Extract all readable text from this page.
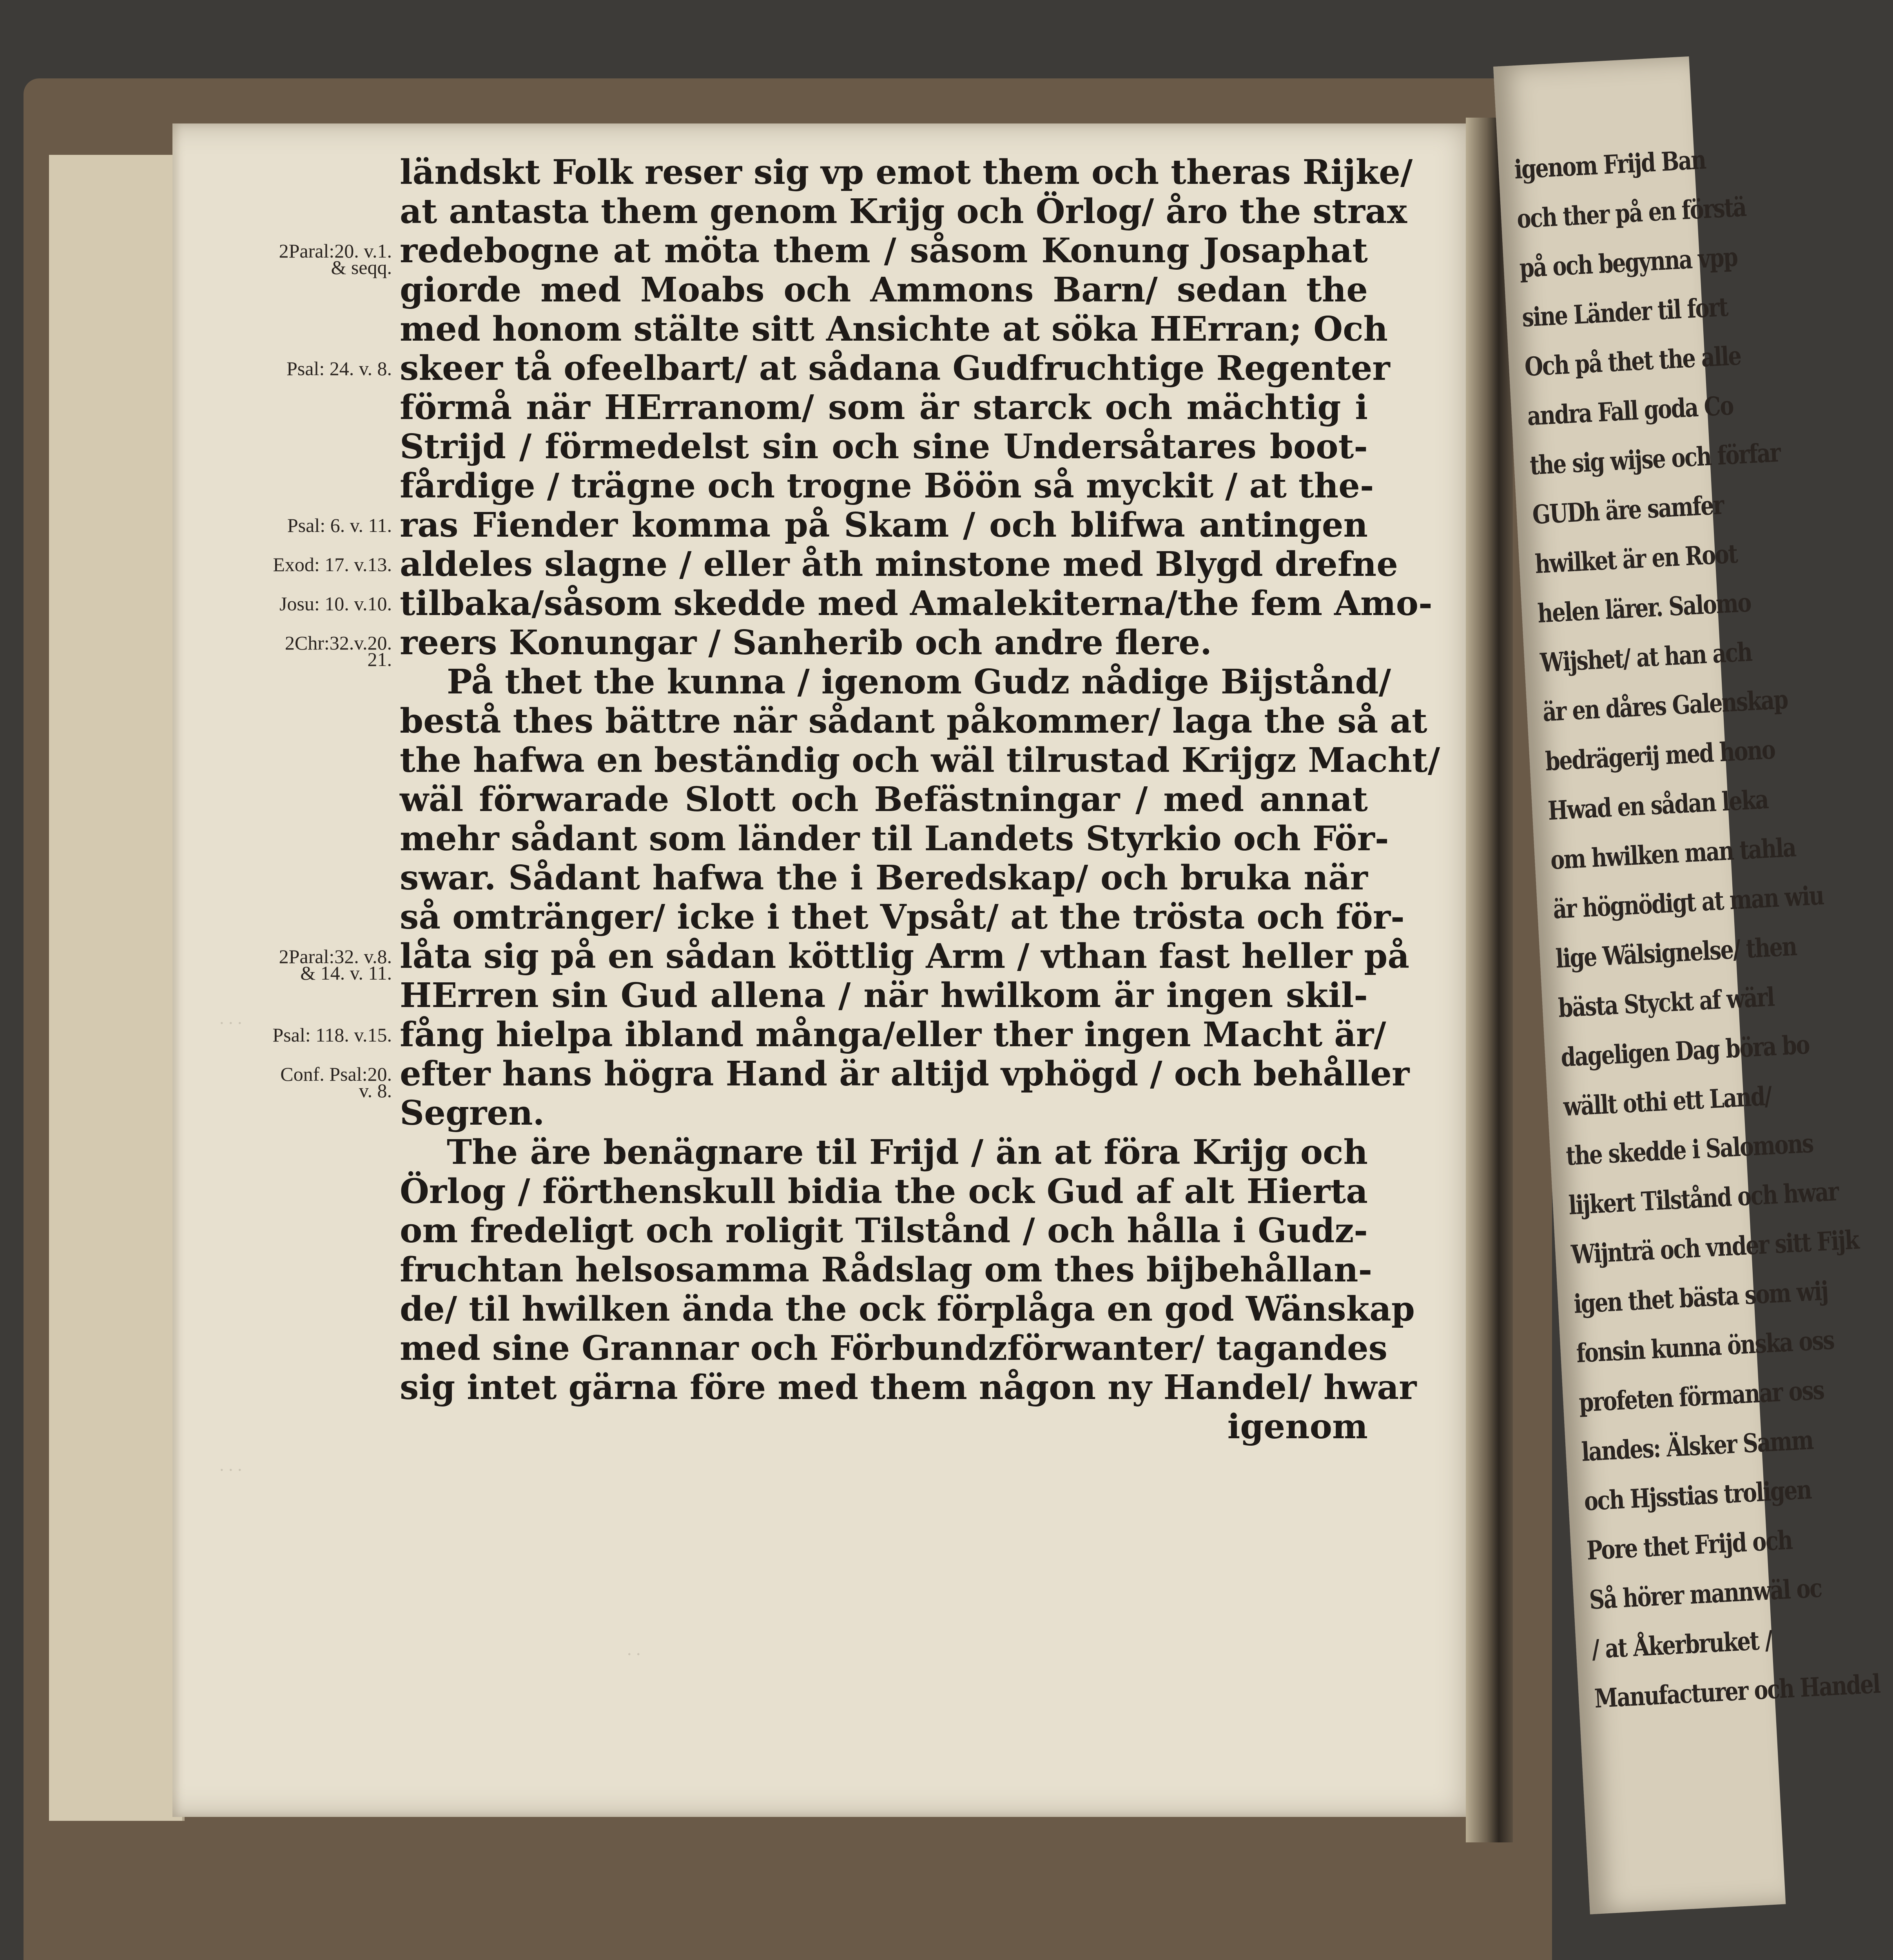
igenom Frijd Ban
och ther på en förstä
på och begynna vpp
sine Länder til fort
Och på thet the alle
andra Fall goda Co
the sig wijse och förfar
GUDh äre samfer
hwilket är en Root
helen lärer. Salomo
Wijshet/ at han ach
är en dåres Galenskap
bedrägerij med hono
Hwad en sådan leka
om hwilken man tahla
är högnödigt at man wiu
lige Wälsignelse/ then
bästa Styckt af wärl
dageligen Dag böra bo
wällt othi ett Land/
the skedde i Salomons
lijkert Tilstånd och hwar
Wijnträ och vnder sitt Fijk
igen thet bästa som wij
fonsin kunna önska oss
profeten förmanar oss
landes: Älsker Samm
och Hjsstias troligen
Pore thet Frijd och
Så hörer mannwäl oc
/ at Åkerbruket /
Manufacturer och Handel
. . .
. . .
. .
2Paral:20. v.1.
& seqq.
Psal: 24. v. 8.
Psal: 6. v. 11.
Exod: 17. v.13.
Josu: 10. v.10.
2Chr:32.v.20.
21.
2Paral:32. v.8.
& 14. v. 11.
Psal: 118. v.15.
Conf. Psal:20.
v. 8.
ländskt Folk reser sig vp emot them och theras Rijke/
at antasta them genom Krijg och Örlog/ åro the strax
redebogne at möta them / såsom Konung Josaphat
giorde med Moabs och Ammons Barn/ sedan the
med honom stälte sitt Ansichte at söka HErran; Och
skeer tå ofeelbart/ at sådana Gudfruchtige Regenter
förmå när HErranom/ som är starck och mächtig i
Strijd / förmedelst sin och sine Undersåtares boot-
fårdige / trägne och trogne Böön så myckit / at the-
ras Fiender komma på Skam / och blifwa antingen
aldeles slagne / eller åth minstone med Blygd drefne
tilbaka/såsom skedde med Amalekiterna/the fem Amo-
reers Konungar / Sanherib och andre flere.
På thet the kunna / igenom Gudz nådige Bijstånd/
bestå thes bättre när sådant påkommer/ laga the så at
the hafwa en beständig och wäl tilrustad Krijgz Macht/
wäl förwarade Slott och Befästningar / med annat
mehr sådant som länder til Landets Styrkio och För-
swar. Sådant hafwa the i Beredskap/ och bruka när
så omtränger/ icke i thet Vpsåt/ at the trösta och för-
låta sig på en sådan köttlig Arm / vthan fast heller på
HErren sin Gud allena / när hwilkom är ingen skil-
fång hielpa ibland många/eller ther ingen Macht är/
efter hans högra Hand är altijd vphögd / och behåller
Segren.
The äre benägnare til Frijd / än at föra Krijg och
Örlog / förthenskull bidia the ock Gud af alt Hierta
om fredeligt och roligit Tilstånd / och hålla i Gudz-
fruchtan helsosamma Rådslag om thes bijbehållan-
de/ til hwilken ända the ock förplåga en god Wänskap
med sine Grannar och Förbundzförwanter/ tagandes
sig intet gärna före med them någon ny Handel/ hwar
igenom
